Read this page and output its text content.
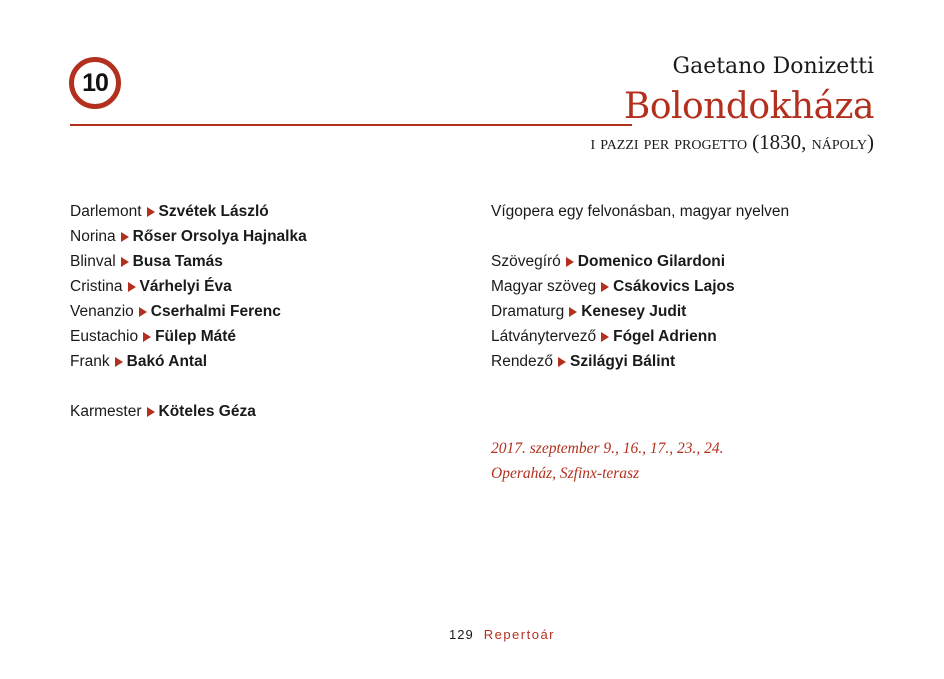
10
Gaetano Donizetti
Bolondokháza
i pazzi per progetto (1830, nápoly)
Darlemont Szvétek László
Norina Rőser Orsolya Hajnalka
Blinval Busa Tamás
Cristina Várhelyi Éva
Venanzio Cserhalmi Ferenc
Eustachio Fülep Máté
Frank Bakó Antal
Karmester Köteles Géza
Vígopera egy felvonásban, magyar nyelven
Szövegíró Domenico Gilardoni
Magyar szöveg Csákovics Lajos
Dramaturg Kenesey Judit
Látványtervező Fógel Adrienn
Rendező Szilágyi Bálint
2017. szeptember 9., 16., 17., 23., 24.
Operaház, Szfinx-terasz
129 Repertoár
